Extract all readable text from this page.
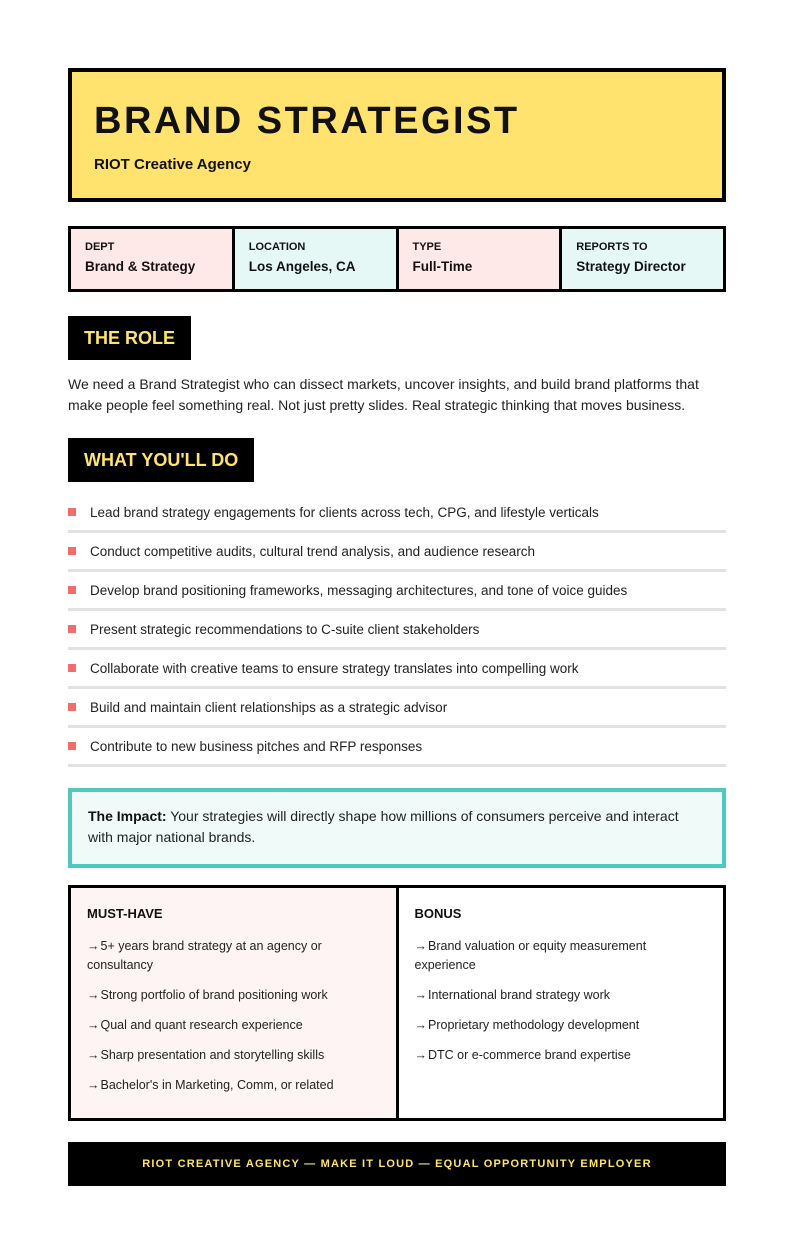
BRAND STRATEGIST
RIOT Creative Agency
DEPT
Brand & Strategy
LOCATION
Los Angeles, CA
TYPE
Full-Time
REPORTS TO
Strategy Director
THE ROLE

We need a Brand Strategist who can dissect markets, uncover insights, and build brand platforms that make people feel something real. Not just pretty slides. Real strategic thinking that moves business.

WHAT YOU'LL DO
Lead brand strategy engagements for clients across tech, CPG, and lifestyle verticals
Conduct competitive audits, cultural trend analysis, and audience research
Develop brand positioning frameworks, messaging architectures, and tone of voice guides
Present strategic recommendations to C-suite client stakeholders
Collaborate with creative teams to ensure strategy translates into compelling work
Build and maintain client relationships as a strategic advisor
Contribute to new business pitches and RFP responses
The Impact: Your strategies will directly shape how millions of consumers perceive and interact with major national brands.
MUST-HAVE
→5+ years brand strategy at an agency or consultancy
→Strong portfolio of brand positioning work
→Qual and quant research experience
→Sharp presentation and storytelling skills
→Bachelor's in Marketing, Comm, or related
BONUS
→Brand valuation or equity measurement experience
→International brand strategy work
→Proprietary methodology development
→DTC or e-commerce brand expertise
RIOT CREATIVE AGENCY — MAKE IT LOUD — EQUAL OPPORTUNITY EMPLOYER
